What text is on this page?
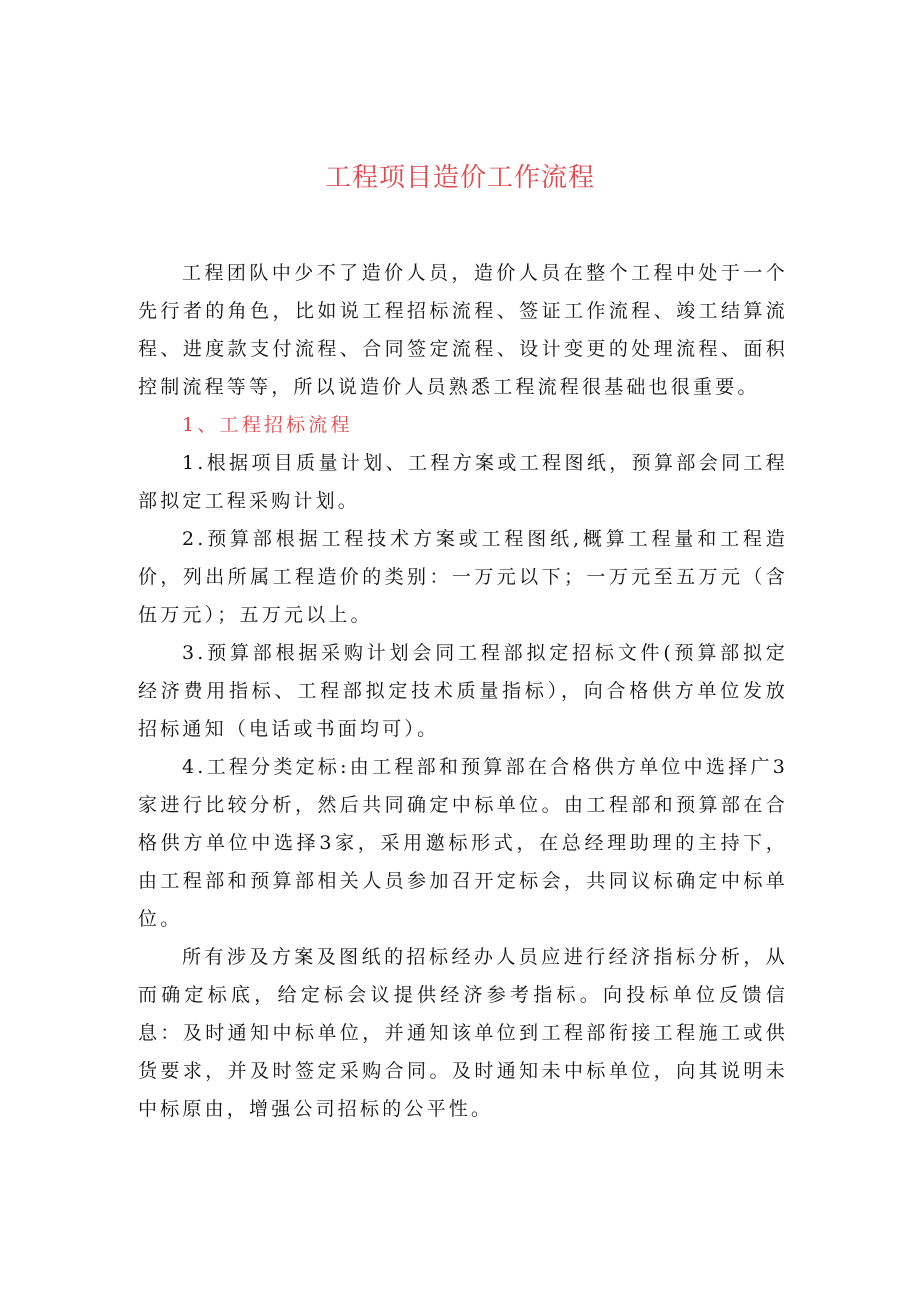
工程项目造价工作流程

工程团队中少不了造价人员，造价人员在整个工程中处于一个先行者的角色，比如说工程招标流程、签证工作流程、竣工结算流程、进度款支付流程、合同签定流程、设计变更的处理流程、面积控制流程等等，所以说造价人员熟悉工程流程很基础也很重要。

1、工程招标流程

1.根据项目质量计划、工程方案或工程图纸，预算部会同工程部拟定工程采购计划。

2.预算部根据工程技术方案或工程图纸,概算工程量和工程造价，列出所属工程造价的类别：一万元以下；一万元至五万元（含伍万元）；五万元以上。

3.预算部根据采购计划会同工程部拟定招标文件(预算部拟定经济费用指标、工程部拟定技术质量指标），向合格供方单位发放招标通知（电话或书面均可）。

4.工程分类定标:由工程部和预算部在合格供方单位中选择广3家进行比较分析，然后共同确定中标单位。由工程部和预算部在合格供方单位中选择3家，采用邀标形式，在总经理助理的主持下，由工程部和预算部相关人员参加召开定标会，共同议标确定中标单位。

所有涉及方案及图纸的招标经办人员应进行经济指标分析，从而确定标底，给定标会议提供经济参考指标。向投标单位反馈信息：及时通知中标单位，并通知该单位到工程部衔接工程施工或供货要求，并及时签定采购合同。及时通知未中标单位，向其说明未中标原由，增强公司招标的公平性。
